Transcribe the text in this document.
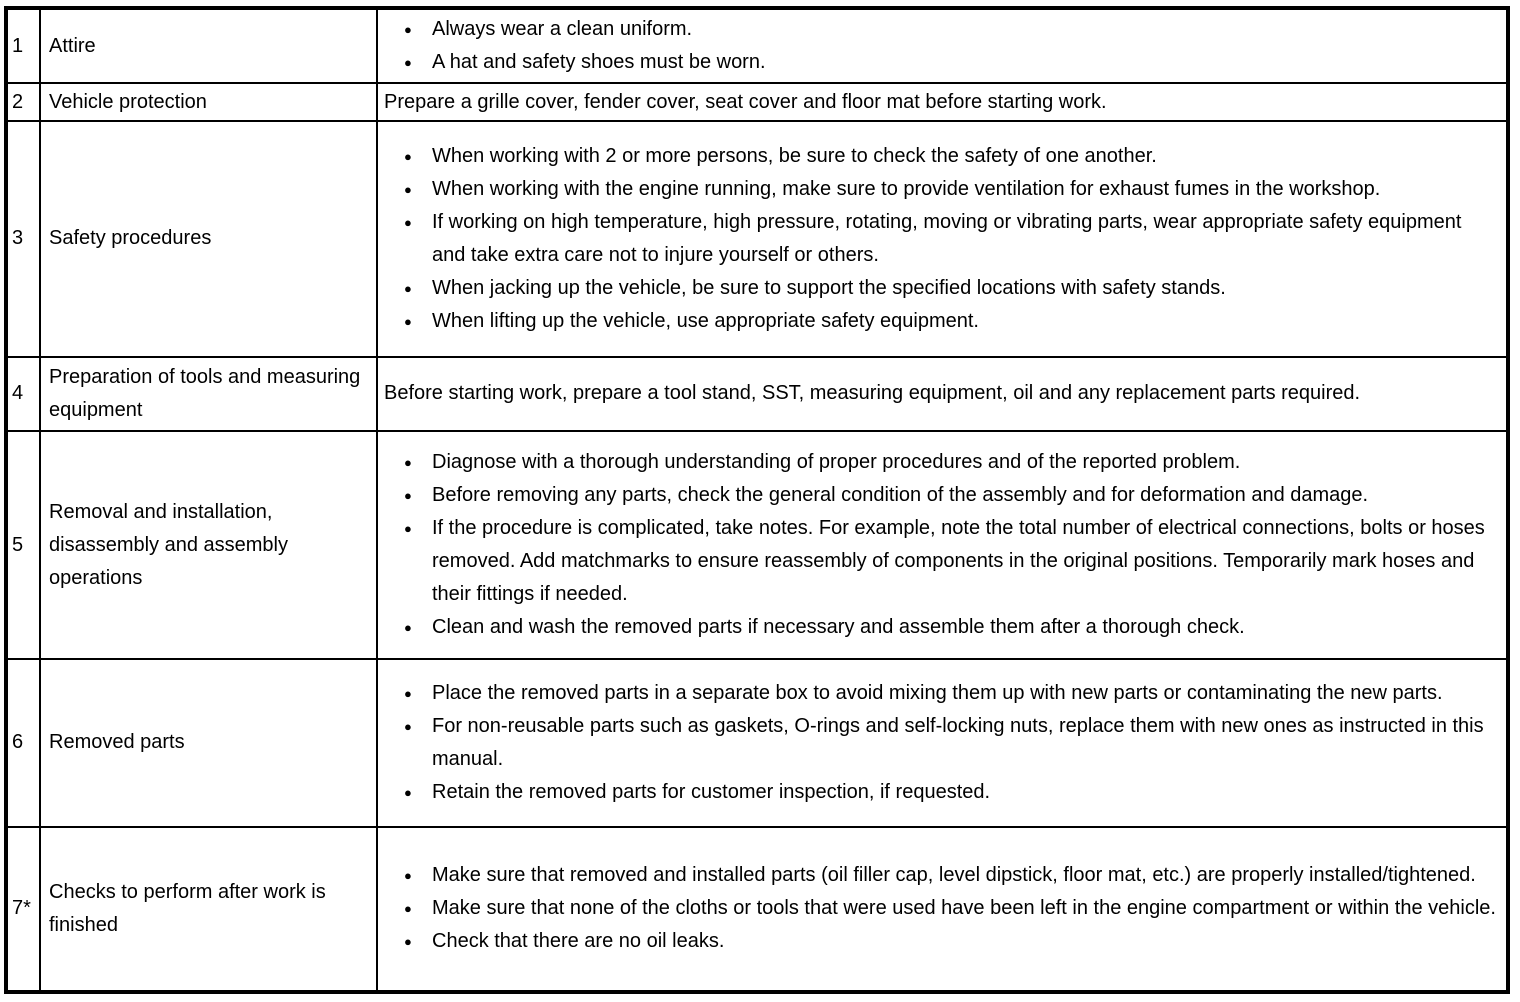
1	Attire	
●	Always wear a clean uniform.
●	A hat and safety shoes must be worn.

2	Vehicle protection	Prepare a grille cover, fender cover, seat cover and floor mat before starting work.

3	Safety procedures	
●	When working with 2 or more persons, be sure to check the safety of one another.
●	When working with the engine running, make sure to provide ventilation for exhaust fumes in the workshop.
●	If working on high temperature, high pressure, rotating, moving or vibrating parts, wear appropriate safety equipment and take extra care not to injure yourself or others.
●	When jacking up the vehicle, be sure to support the specified locations with safety stands.
●	When lifting up the vehicle, use appropriate safety equipment.

4	Preparation of tools and measuring equipment	Before starting work, prepare a tool stand, SST, measuring equipment, oil and any replacement parts required.

5	Removal and installation, disassembly and assembly operations	
●	Diagnose with a thorough understanding of proper procedures and of the reported problem.
●	Before removing any parts, check the general condition of the assembly and for deformation and damage.
●	If the procedure is complicated, take notes. For example, note the total number of electrical connections, bolts or hoses removed. Add matchmarks to ensure reassembly of components in the original positions. Temporarily mark hoses and their fittings if needed.
●	Clean and wash the removed parts if necessary and assemble them after a thorough check.

6	Removed parts	
●	Place the removed parts in a separate box to avoid mixing them up with new parts or contaminating the new parts.
●	For non-reusable parts such as gaskets, O-rings and self-locking nuts, replace them with new ones as instructed in this manual.
●	Retain the removed parts for customer inspection, if requested.

7*	Checks to perform after work is finished	
●	Make sure that removed and installed parts (oil filler cap, level dipstick, floor mat, etc.) are properly installed/tightened.
●	Make sure that none of the cloths or tools that were used have been left in the engine compartment or within the vehicle.
●	Check that there are no oil leaks.
